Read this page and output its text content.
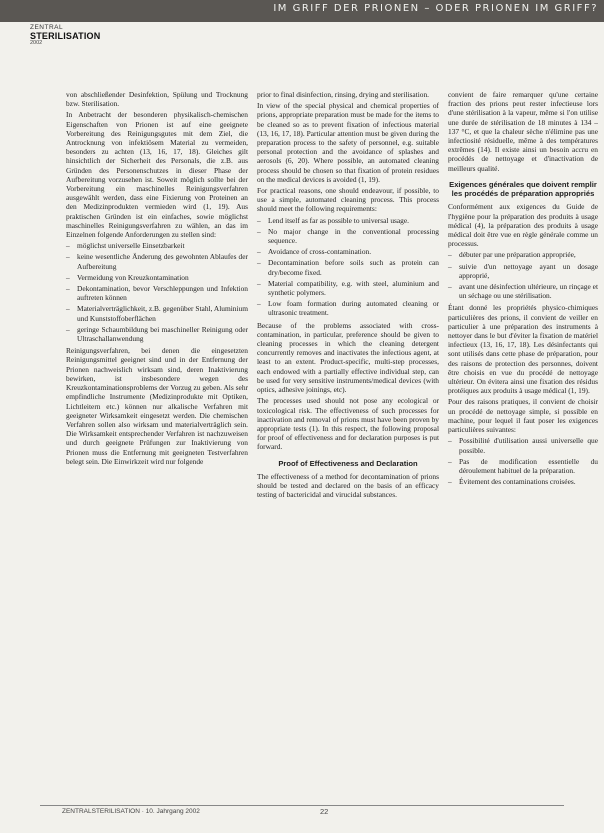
IM GRIFF DER PRIONEN – ODER PRIONEN IM GRIFF?
ZENTRAL
STERILISATION
2002

von abschließender Desinfektion, Spülung und Trocknung bzw. Sterilisation.

In Anbetracht der besonderen physikalisch-chemischen Eigenschaften von Prionen ist auf eine geeignete Vorbereitung des Reinigungsgutes mit dem Ziel, die Antrocknung von infektiösem Material zu vermeiden, besonders zu achten (13, 16, 17, 18). Gleiches gilt hinsichtlich der Sicherheit des Personals, die z.B. aus Gründen des Personenschutzes in dieser Phase der Aufbereitung vorzusehen ist. Soweit möglich sollte bei der Vorbereitung ein maschinelles Reinigungsverfahren ausgewählt werden, dass eine Fixierung von Proteinen an den Medizinprodukten vermieden wird (1, 19). Aus praktischen Gründen ist ein einfaches, sowie möglichst maschinelles Reinigungsverfahren zu wählen, an das im Einzelnen folgende Anforderungen zu stellen sind:

– möglichst universelle Einsetzbarkeit
– keine wesentliche Änderung des gewohnten Ablaufes der Aufbereitung
– Vermeidung von Kreuzkontamination
– Dekontamination, bevor Verschleppungen und Infektion auftreten können
– Materialverträglichkeit, z.B. gegenüber Stahl, Aluminium und Kunststoffoberflächen
– geringe Schaumbildung bei maschineller Reinigung oder Ultraschallanwendung

Reinigungsverfahren, bei denen die eingesetzten Reinigungsmittel geeignet sind und in der Entfernung der Prionen nachweislich wirksam sind, deren Inaktivierung bewirken, ist insbesondere wegen des Kreuzkontaminationsproblems der Vorzug zu geben. Als sehr empfindliche Instrumente (Medizinprodukte mit Optiken, Lichtleitern etc.) können nur alkalische Verfahren mit geeigneter Wirksamkeit eingesetzt werden. Die chemischen Verfahren sollen also wirksam und materialverträglich sein. Die Wirksamkeit entsprechender Verfahren ist nachzuweisen und durch geeignete Prüfungen zur Inaktivierung von Prionen muss die Entfernung mit geeigneten Testverfahren belegt sein. Die Einwirkzeit wird nur folgende

prior to final disinfection, rinsing, drying and sterilisation.

In view of the special physical and chemical properties of prions, appropriate preparation must be made for the items to be cleaned so as to prevent fixation of infectious material (13, 16, 17, 18). Particular attention must be given during the preparation process to the safety of personnel, e.g. suitable personal protection and the avoidance of splashes and aerosols (6, 20). Where possible, an automated cleaning process should be chosen so that fixation of protein residues on the medical devices is avoided (1, 19).

For practical reasons, one should endeavour, if possible, to use a simple, automated cleaning process. This process should meet the following requirements:

– Lend itself as far as possible to universal usage.
– No major change in the conventional processing sequence.
– Avoidance of cross-contamination.
– Decontamination before soils such as protein can dry/become fixed.
– Material compatibility, e.g. with steel, aluminium and synthetic polymers.
– Low foam formation during automated cleaning or ultrasonic treatment.

Because of the problems associated with cross-contamination, in particular, preference should be given to cleaning processes in which the cleaning detergent concurrently removes and inactivates the infectious agent, at least to an extent. Product-specific, multi-step processes, each endowed with a partially effective individual step, can be used for very sensitive instruments/medical devices (with optics, adhesive joinings, etc).

The processes used should not pose any ecological or toxicological risk. The effectiveness of such processes for inactivation and removal of prions must have been proven by appropriate tests (1). In this respect, the following proposal for proof of effectiveness and for declaration purposes is put forward.

Proof of Effectiveness and Declaration

The effectiveness of a method for decontamination of prions should be tested and declared on the basis of an efficacy testing of bactericidal and virucidal substances.

convient de faire remarquer qu'une certaine fraction des prions peut rester infectieuse lors d'une stérilisation à la vapeur, même si l'on utilise une durée de stérilisation de 18 minutes à 134 – 137 °C, et que la chaleur sèche n'élimine pas une infectiosité résiduelle, même à des températures extrêmes (14). Il existe ainsi un besoin accru en procédés de nettoyage et d'inactivation de meilleurs qualité.

Exigences générales que doivent remplir les procédés de préparation appropriés

Conformément aux exigences du Guide de l'hygiène pour la préparation des produits à usage médical (4), la préparation des produits à usage médical doit être vue en règle générale comme un processus.

– débuter par une préparation appropriée,
– suivie d'un nettoyage ayant un dosage approprié,
– avant une désinfection ultérieure, un rinçage et un séchage ou une stérilisation.

Étant donné les propriétés physico-chimiques particulières des prions, il convient de veiller en particulier à une préparation des instruments à nettoyer dans le but d'éviter la fixation de matériel infectieux (13, 16, 17, 18). Les désinfectants qui sont utilisés dans cette phase de préparation, pour des raisons de protection des personnes, doivent être choisis en vue du procédé de nettoyage ultérieur. On évitera ainsi une fixation des résidus protéiques aux produits à usage médical (1, 19).

Pour des raisons pratiques, il convient de choisir un procédé de nettoyage simple, si possible en machine, pour lequel il faut poser les exigences particulières suivantes:

– Possibilité d'utilisation aussi universelle que possible.
– Pas de modification essentielle du déroulement habituel de la préparation.
– Évitement des contaminations croisées.
ZENTRALSTERILISATION · 10. Jahrgang 2002	22
